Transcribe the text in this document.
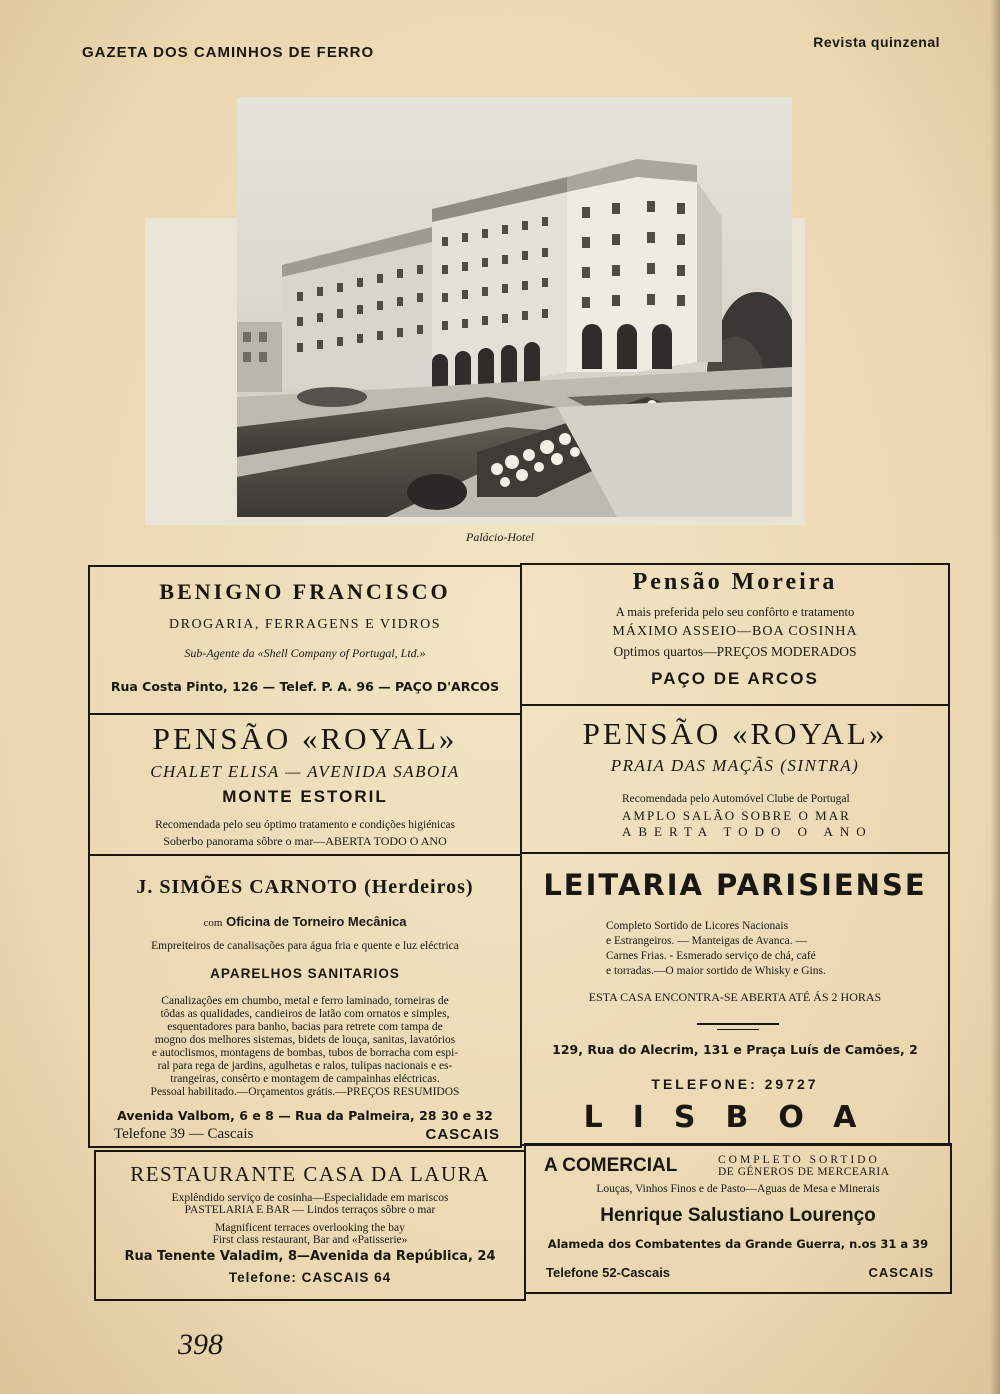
GAZETA DOS CAMINHOS DE FERRO
Revista quinzenal
Palácio-Hotel
BENIGNO FRANCISCO
DROGARIA, FERRAGENS E VIDROS
Sub-Agente da «Shell Company of Portugal, Ltd.»
Rua Costa Pinto, 126 — Telef. P. A. 96 — PAÇO D'ARCOS
Pensão Moreira
A mais preferida pelo seu confôrto e tratamento
MÁXIMO ASSEIO—BOA COSINHA
Optimos quartos—PREÇOS MODERADOS
PAÇO DE ARCOS
PENSÃO «ROYAL»
CHALET ELISA — AVENIDA SABOIA
MONTE ESTORIL
Recomendada pelo seu óptimo tratamento e condições higiénicas
Soberbo panorama sôbre o mar—ABERTA TODO O ANO
PENSÃO «ROYAL»
PRAIA DAS MAÇÃS (SINTRA)
Recomendada pelo Automóvel Clube de Portugal
AMPLO SALÃO SOBRE O MAR
ABERTA TODO O ANO
J. SIMÕES CARNOTO (Herdeiros)
com Oficina de Torneiro Mecânica
Empreiteiros de canalisações para água fria e quente e luz eléctrica
APARELHOS SANITARIOS
Canalizações em chumbo, metal e ferro laminado, torneiras de
tôdas as qualidades, candieiros de latão com ornatos e simples,
esquentadores para banho, bacias para retrete com tampa de
mogno dos melhores sistemas, bidets de louça, sanitas, lavatórios
e autoclismos, montagens de bombas, tubos de borracha com espi-
ral para rega de jardins, agulhetas e ralos, tulipas nacionais e es-
trangeiras, consêrto e montagem de campainhas eléctricas.
Pessoal habilitado.—Orçamentos grátis.—PREÇOS RESUMIDOS
Avenida Valbom, 6 e 8 — Rua da Palmeira, 28 30 e 32
Telefone 39 — Cascais	CASCAIS
LEITARIA PARISIENSE
Completo Sortido de Licores Nacionais
e Estrangeiros. — Manteigas de Avanca. —
Carnes Frias. - Esmerado serviço de chá, café
e torradas.—O maior sortido de Whisky e Gins.
ESTA CASA ENCONTRA-SE ABERTA ATÉ ÁS 2 HORAS
129, Rua do Alecrim, 131 e Praça Luís de Camões, 2
TELEFONE: 29727
LISBOA
RESTAURANTE CASA DA LAURA
Explêndido serviço de cosinha—Especialidade em mariscos
PASTELARIA E BAR — Lindos terraços sôbre o mar
Magnificent terraces overlooking the bay
First class restaurant, Bar and «Patisserie»
Rua Tenente Valadim, 8—Avenida da República, 24
Telefone: CASCAIS 64
A COMERCIAL	COMPLETO SORTIDO
DE GÉNEROS DE MERCEARIA
Louças, Vinhos Finos e de Pasto—Aguas de Mesa e Minerais
Henrique Salustiano Lourenço
Alameda dos Combatentes da Grande Guerra, n.os 31 a 39
Telefone 52-Cascais	CASCAIS
398
